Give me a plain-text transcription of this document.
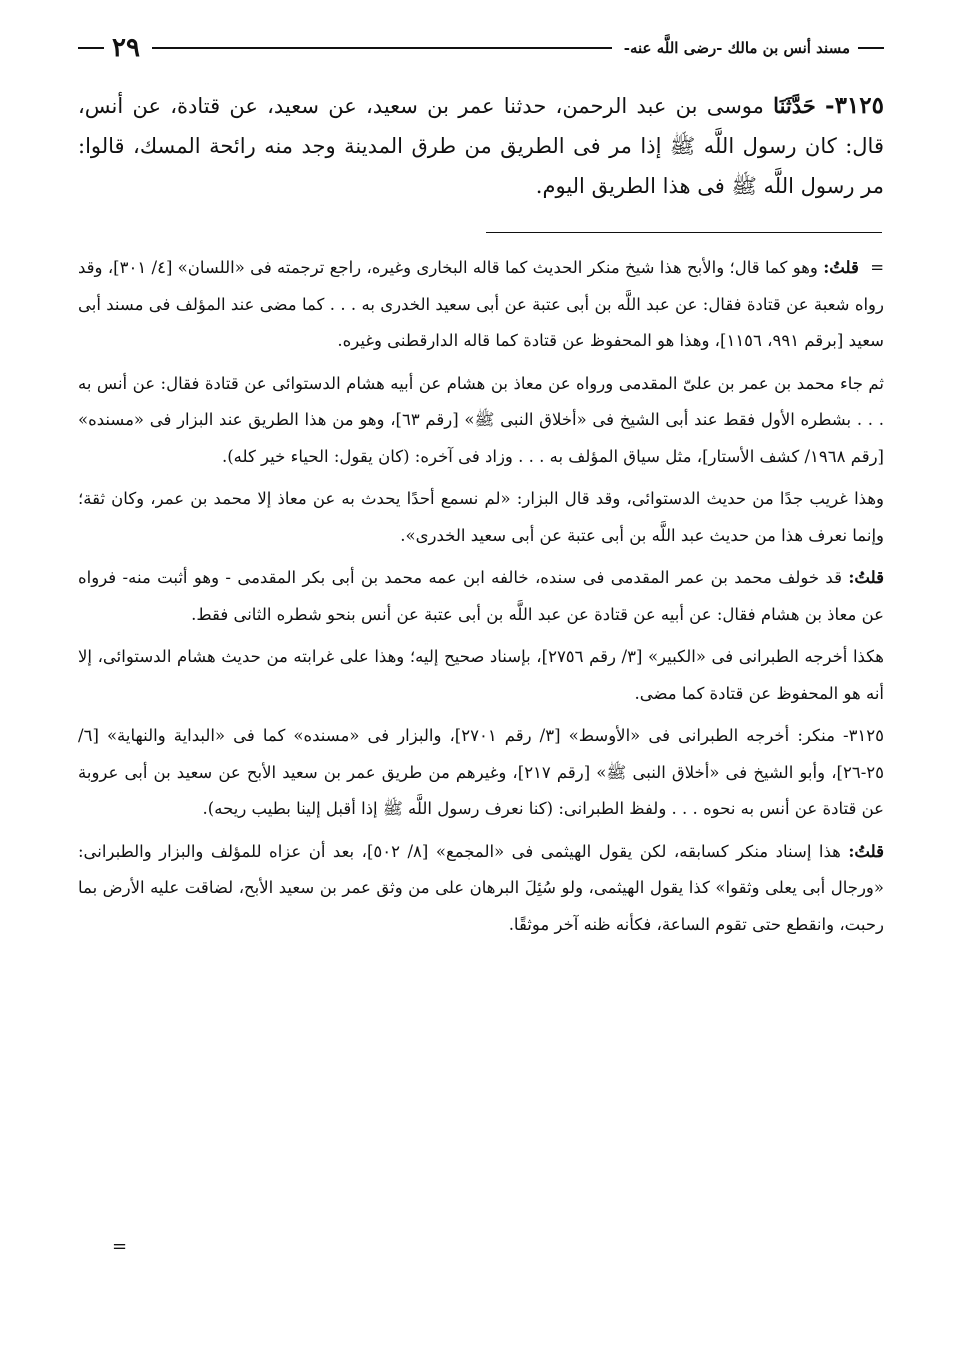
مسند أنس بن مالك -رضى اللَّه عنه-
٢٩
٣١٢٥- حَدَّثَنَا موسى بن عبد الرحمن، حدثنا عمر بن سعيد، عن سعيد، عن قتادة، عن أنس، قال: كان رسول اللَّه ﷺ إذا مر فى الطريق من طرق المدينة وجد منه رائحة المسك، قالوا: مر رسول اللَّه ﷺ فى هذا الطريق اليوم.

= قلتُ: وهو كما قال؛ والأبح هذا شيخ منكر الحديث كما قاله البخارى وغيره، راجع ترجمته فى «اللسان» [٤/ ٣٠١]، وقد رواه شعبة عن قتادة فقال: عن عبد اللَّه بن أبى عتبة عن أبى سعيد الخدرى به . . . كما مضى عند المؤلف فى مسند أبى سعيد [برقم ٩٩١، ١١٥٦]، وهذا هو المحفوظ عن قتادة كما قاله الدارقطنى وغيره.

ثم جاء محمد بن عمر بن علىّ المقدمى ورواه عن معاذ بن هشام عن أبيه هشام الدستوائى عن قتادة فقال: عن أنس به . . . بشطره الأول فقط عند أبى الشيخ فى «أخلاق النبى ﷺ» [رقم ٦٣]، وهو من هذا الطريق عند البزار فى «مسنده» [رقم ١٩٦٨/ كشف الأستار]، مثل سياق المؤلف به . . . وزاد فى آخره: (كان يقول: الحياء خير كله).

وهذا غريب جدًا من حديث الدستوائى، وقد قال البزار: «لم نسمع أحدًا يحدث به عن معاذ إلا محمد بن عمر، وكان ثقة؛ وإنما نعرف هذا من حديث عبد اللَّه بن أبى عتبة عن أبى سعيد الخدرى».

قلتُ: قد خولف محمد بن عمر المقدمى فى سنده، خالفه ابن عمه محمد بن أبى بكر المقدمى - وهو أثبت منه- فرواه عن معاذ بن هشام فقال: عن أبيه عن قتادة عن عبد اللَّه بن أبى عتبة عن أنس بنحو شطره الثانى فقط.

هكذا أخرجه الطبرانى فى «الكبير» [٣/ رقم ٢٧٥٦]، بإسناد صحيح إليه؛ وهذا على غرابته من حديث هشام الدستوائى، إلا أنه هو المحفوظ عن قتادة كما مضى.

٣١٢٥- منكر: أخرجه الطبرانى فى «الأوسط» [٣/ رقم ٢٧٠١]، والبزار فى «مسنده» كما فى «البداية والنهاية» [٦/ ٢٥-٢٦]، وأبو الشيخ فى «أخلاق النبى ﷺ» [رقم ٢١٧]، وغيرهم من طريق عمر بن سعيد الأبح عن سعيد بن أبى عروبة عن قتادة عن أنس به نحوه . . . ولفظ الطبرانى: (كنا نعرف رسول اللَّه ﷺ إذا أقبل إلينا بطيب ريحه).

قلتُ: هذا إسناد منكر كسابقه، لكن يقول الهيثمى فى «المجمع» [٨/ ٥٠٢]، بعد أن عزاه للمؤلف والبزار والطبرانى: «ورجال أبى يعلى وثقوا» كذا يقول الهيثمى، ولو سُئِلَ البرهان على من وثق عمر بن سعيد الأبح، لضاقت عليه الأرض بما رحبت، وانقطع حتى تقوم الساعة، فكأنه ظنه آخر موثقًا.

=
